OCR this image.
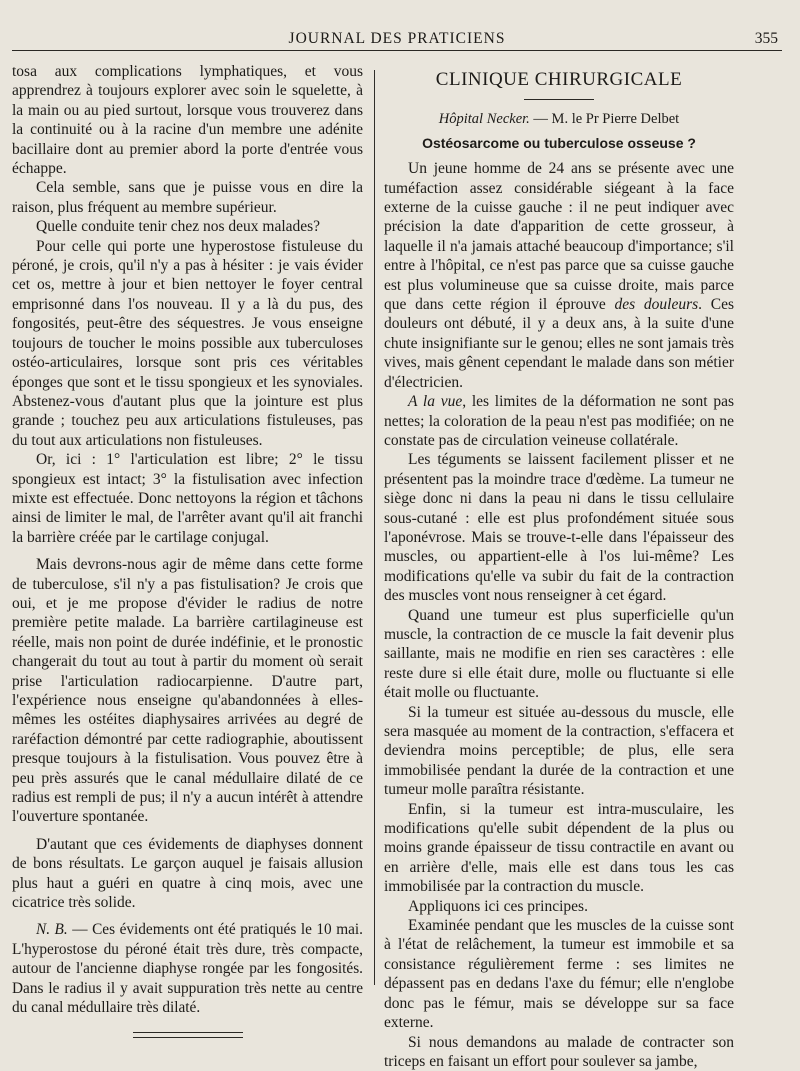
JOURNAL DES PRATICIENS	355

tosa aux complications lymphatiques, et vous apprendrez à toujours explorer avec soin le squelette, à la main ou au pied surtout, lorsque vous trouverez dans la continuité ou à la racine d'un membre une adénite bacillaire dont au premier abord la porte d'entrée vous échappe.

Cela semble, sans que je puisse vous en dire la raison, plus fréquent au membre supérieur.

Quelle conduite tenir chez nos deux malades?

Pour celle qui porte une hyperostose fistuleuse du péroné, je crois, qu'il n'y a pas à hésiter : je vais évider cet os, mettre à jour et bien nettoyer le foyer central emprisonné dans l'os nouveau. Il y a là du pus, des fongosités, peut-être des séquestres. Je vous enseigne toujours de toucher le moins possible aux tuberculoses ostéo-articulaires, lorsque sont pris ces véritables éponges que sont et le tissu spongieux et les synoviales. Abstenez-vous d'autant plus que la jointure est plus grande ; touchez peu aux articulations fistuleuses, pas du tout aux articulations non fistuleuses.

Or, ici : 1° l'articulation est libre; 2° le tissu spongieux est intact; 3° la fistulisation avec infection mixte est effectuée. Donc nettoyons la région et tâchons ainsi de limiter le mal, de l'arrêter avant qu'il ait franchi la barrière créée par le cartilage conjugal.

Mais devrons-nous agir de même dans cette forme de tuberculose, s'il n'y a pas fistulisation? Je crois que oui, et je me propose d'évider le radius de notre première petite malade. La barrière cartilagineuse est réelle, mais non point de durée indéfinie, et le pronostic changerait du tout au tout à partir du moment où serait prise l'articulation radiocarpienne. D'autre part, l'expérience nous enseigne qu'abandonnées à elles-mêmes les ostéites diaphysaires arrivées au degré de raréfaction démontré par cette radiographie, aboutissent presque toujours à la fistulisation. Vous pouvez être à peu près assurés que le canal médullaire dilaté de ce radius est rempli de pus; il n'y a aucun intérêt à attendre l'ouverture spontanée.

D'autant que ces évidements de diaphyses donnent de bons résultats. Le garçon auquel je faisais allusion plus haut a guéri en quatre à cinq mois, avec une cicatrice très solide.

N. B. — Ces évidements ont été pratiqués le 10 mai. L'hyperostose du péroné était très dure, très compacte, autour de l'ancienne diaphyse rongée par les fongosités. Dans le radius il y avait suppuration très nette au centre du canal médullaire très dilaté.

CLINIQUE CHIRURGICALE
Hôpital Necker. — M. le Pr Pierre Delbet
Ostéosarcome ou tuberculose osseuse ?

Un jeune homme de 24 ans se présente avec une tuméfaction assez considérable siégeant à la face externe de la cuisse gauche : il ne peut indiquer avec précision la date d'apparition de cette grosseur, à laquelle il n'a jamais attaché beaucoup d'importance; s'il entre à l'hôpital, ce n'est pas parce que sa cuisse gauche est plus volumineuse que sa cuisse droite, mais parce que dans cette région il éprouve des douleurs. Ces douleurs ont débuté, il y a deux ans, à la suite d'une chute insignifiante sur le genou; elles ne sont jamais très vives, mais gênent cependant le malade dans son métier d'électricien.

A la vue, les limites de la déformation ne sont pas nettes; la coloration de la peau n'est pas modifiée; on ne constate pas de circulation veineuse collatérale.

Les téguments se laissent facilement plisser et ne présentent pas la moindre trace d'œdème. La tumeur ne siège donc ni dans la peau ni dans le tissu cellulaire sous-cutané : elle est plus profondément située sous l'aponévrose. Mais se trouve-t-elle dans l'épaisseur des muscles, ou appartient-elle à l'os lui-même? Les modifications qu'elle va subir du fait de la contraction des muscles vont nous renseigner à cet égard.

Quand une tumeur est plus superficielle qu'un muscle, la contraction de ce muscle la fait devenir plus saillante, mais ne modifie en rien ses caractères : elle reste dure si elle était dure, molle ou fluctuante si elle était molle ou fluctuante.

Si la tumeur est située au-dessous du muscle, elle sera masquée au moment de la contraction, s'effacera et deviendra moins perceptible; de plus, elle sera immobilisée pendant la durée de la contraction et une tumeur molle paraîtra résistante.

Enfin, si la tumeur est intra-musculaire, les modifications qu'elle subit dépendent de la plus ou moins grande épaisseur de tissu contractile en avant ou en arrière d'elle, mais elle est dans tous les cas immobilisée par la contraction du muscle.

Appliquons ici ces principes.

Examinée pendant que les muscles de la cuisse sont à l'état de relâchement, la tumeur est immobile et sa consistance régulièrement ferme : ses limites ne dépassent pas en dedans l'axe du fémur; elle n'englobe donc pas le fémur, mais se développe sur sa face externe.

Si nous demandons au malade de contracter son triceps en faisant un effort pour soulever sa jambe,
